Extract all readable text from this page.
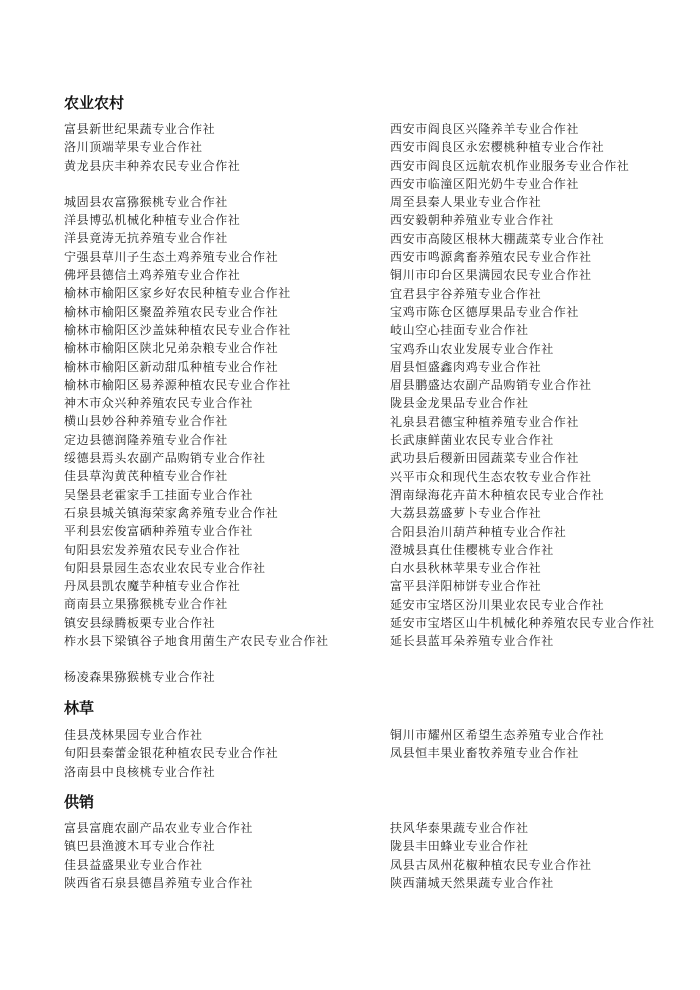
农业农村
富县新世纪果蔬专业合作社
洛川顶端苹果专业合作社
黄龙县庆丰种养农民专业合作社
城固县农富猕猴桃专业合作社
洋县博弘机械化种植专业合作社
洋县竟涛无抗养殖专业合作社
宁强县草川子生态土鸡养殖专业合作社
佛坪县德信土鸡养殖专业合作社
榆林市榆阳区家乡好农民种植专业合作社
榆林市榆阳区聚盈养殖农民专业合作社
榆林市榆阳区沙盖妹种植农民专业合作社
榆林市榆阳区陕北兄弟杂粮专业合作社
榆林市榆阳区新动甜瓜种植专业合作社
榆林市榆阳区易养源种植农民专业合作社
神木市众兴种养殖农民专业合作社
横山县妙谷种养殖专业合作社
定边县德润隆养殖专业合作社
绥德县焉头农副产品购销专业合作社
佳县草沟黄芪种植专业合作社
吴堡县老霍家手工挂面专业合作社
石泉县城关镇海荣家禽养殖专业合作社
平利县宏俊富硒种养殖专业合作社
旬阳县宏发养殖农民专业合作社
旬阳县景园生态农业农民专业合作社
丹凤县凯农魔芋种植专业合作社
商南县立果猕猴桃专业合作社
镇安县绿腾板栗专业合作社
柞水县下梁镇谷子地食用菌生产农民专业合作社
杨凌森果猕猴桃专业合作社
西安市阎良区兴隆养羊专业合作社
西安市阎良区永宏樱桃种植专业合作社
西安市阎良区远航农机作业服务专业合作社
西安市临潼区阳光奶牛专业合作社
周至县秦人果业专业合作社
西安毅朝种养殖业专业合作社
西安市高陵区根林大棚蔬菜专业合作社
西安市鸣源禽畜养殖农民专业合作社
铜川市印台区果满园农民专业合作社
宜君县宇谷养殖专业合作社
宝鸡市陈仓区德厚果品专业合作社
岐山空心挂面专业合作社
宝鸡乔山农业发展专业合作社
眉县恒盛鑫肉鸡专业合作社
眉县鹏盛达农副产品购销专业合作社
陇县金龙果品专业合作社
礼泉县君德宝种植养殖专业合作社
长武康鲜菌业农民专业合作社
武功县后稷新田园蔬菜专业合作社
兴平市众和现代生态农牧专业合作社
渭南绿海花卉苗木种植农民专业合作社
大荔县荔盛萝卜专业合作社
合阳县治川葫芦种植专业合作社
澄城县真仕佳樱桃专业合作社
白水县秋林苹果专业合作社
富平县洋阳柿饼专业合作社
延安市宝塔区汾川果业农民专业合作社
延安市宝塔区山牛机械化种养殖农民专业合作社
延长县蓝耳朵养殖专业合作社
林草
佳县茂林果园专业合作社
旬阳县秦蕾金银花种植农民专业合作社
洛南县中良核桃专业合作社
铜川市耀州区希望生态养殖专业合作社
凤县恒丰果业畜牧养殖专业合作社
供销
富县富鹿农副产品农业专业合作社
镇巴县渔渡木耳专业合作社
佳县益盛果业专业合作社
陕西省石泉县德昌养殖专业合作社
扶风华泰果蔬专业合作社
陇县丰田蜂业专业合作社
凤县古凤州花椒种植农民专业合作社
陕西蒲城天然果蔬专业合作社
